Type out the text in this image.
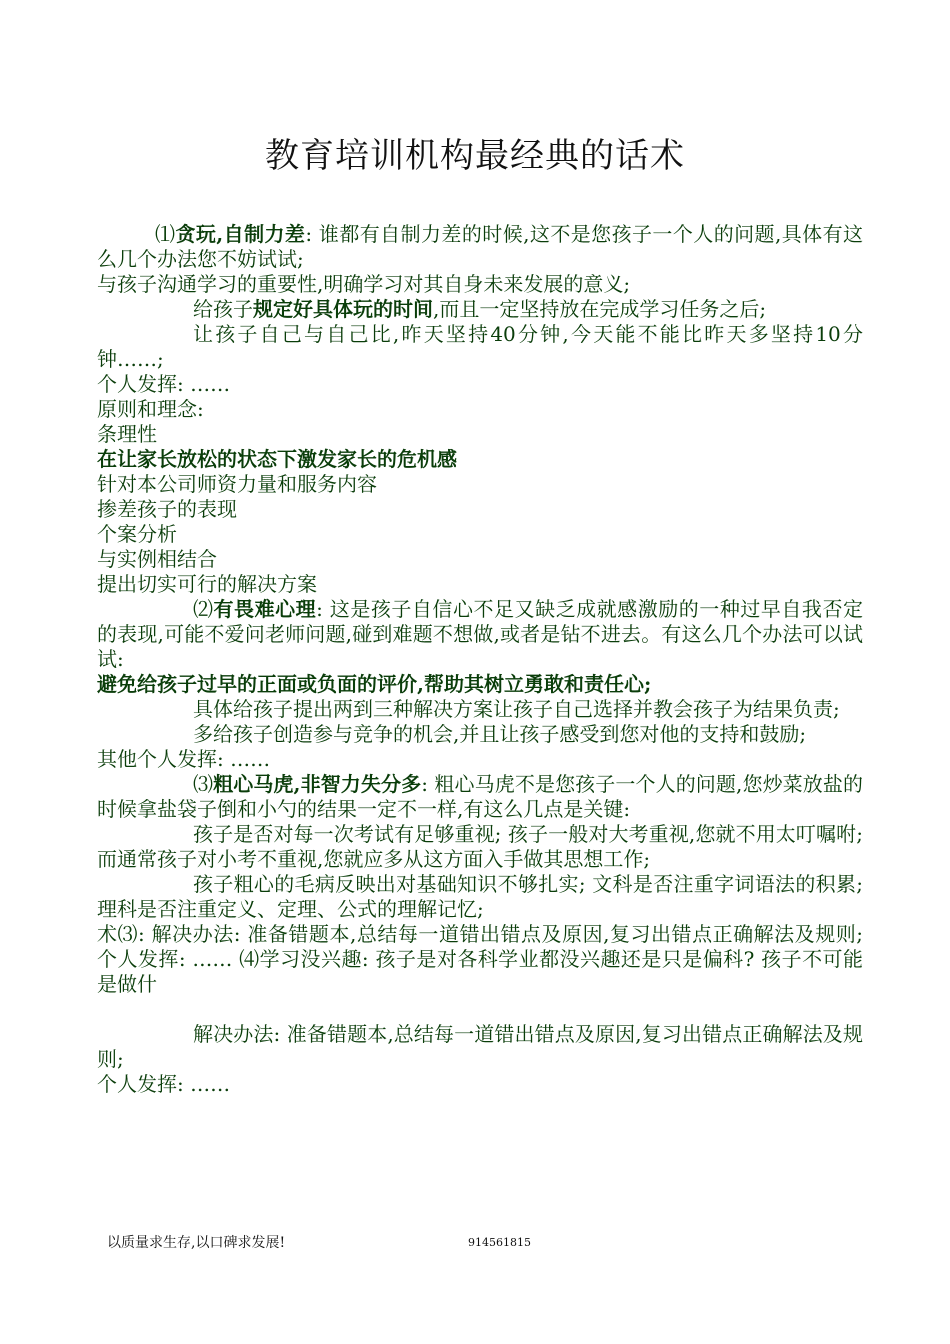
教育培训机构最经典的话术

⑴贪玩,自制力差: 谁都有自制力差的时候,这不是您孩子一个人的问题,具体有这么几个办法您不妨试试;

与孩子沟通学习的重要性,明确学习对其自身未来发展的意义;

给孩子规定好具体玩的时间,而且一定坚持放在完成学习任务之后;

让孩子自己与自己比,昨天坚持40分钟,今天能不能比昨天多坚持10分钟……;

个人发挥: ……

原则和理念:

条理性

在让家长放松的状态下激发家长的危机感

针对本公司师资力量和服务内容

掺差孩子的表现

个案分析

与实例相结合

提出切实可行的解决方案

⑵有畏难心理: 这是孩子自信心不足又缺乏成就感激励的一种过早自我否定的表现,可能不爱问老师问题,碰到难题不想做,或者是钻不进去。有这么几个办法可以试试:

避免给孩子过早的正面或负面的评价,帮助其树立勇敢和责任心;

具体给孩子提出两到三种解决方案让孩子自己选择并教会孩子为结果负责;

多给孩子创造参与竞争的机会,并且让孩子感受到您对他的支持和鼓励;

其他个人发挥: ……

⑶粗心马虎,非智力失分多: 粗心马虎不是您孩子一个人的问题,您炒菜放盐的时候拿盐袋子倒和小勺的结果一定不一样,有这么几点是关键:

孩子是否对每一次考试有足够重视; 孩子一般对大考重视,您就不用太叮嘱咐; 而通常孩子对小考不重视,您就应多从这方面入手做其思想工作;

孩子粗心的毛病反映出对基础知识不够扎实; 文科是否注重字词语法的积累; 理科是否注重定义、定理、公式的理解记忆;

术⑶: 解决办法: 准备错题本,总结每一道错出错点及原因,复习出错点正确解法及规则; 个人发挥: …… ⑷学习没兴趣: 孩子是对各科学业都没兴趣还是只是偏科? 孩子不可能是做什

解决办法: 准备错题本,总结每一道错出错点及原因,复习出错点正确解法及规则;

个人发挥: ……

以质量求生存,以口碑求发展!	914561815
